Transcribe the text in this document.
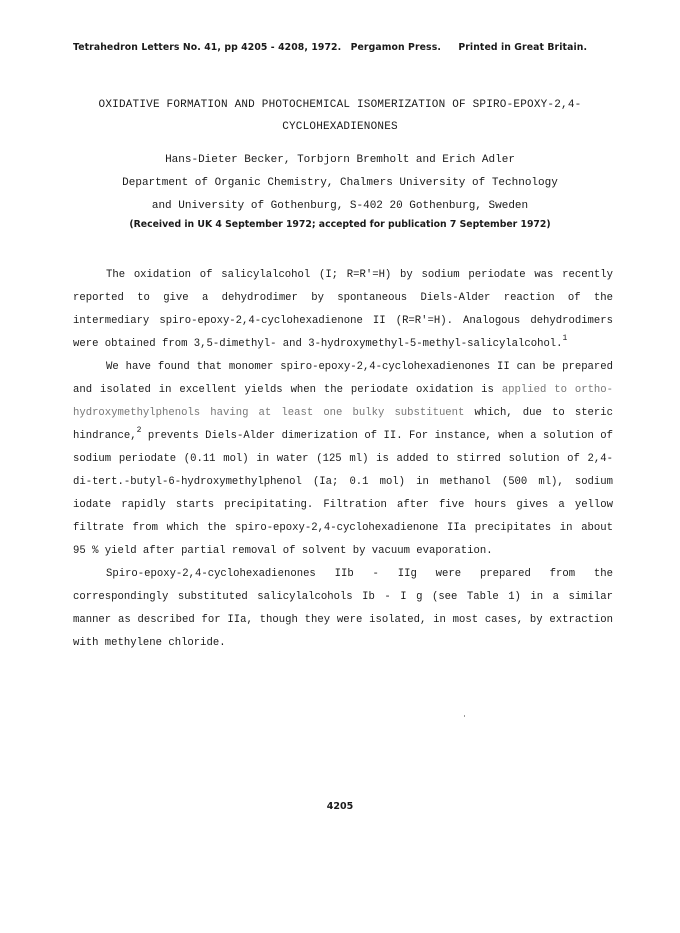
Tetrahedron Letters No. 41, pp 4205 - 4208, 1972. Pergamon Press. Printed in Great Britain.
OXIDATIVE FORMATION AND PHOTOCHEMICAL ISOMERIZATION OF SPIRO-EPOXY-2,4-
CYCLOHEXADIENONES
Hans-Dieter Becker, Torbjorn Bremholt and Erich Adler
Department of Organic Chemistry, Chalmers University of Technology
and University of Gothenburg, S-402 20 Gothenburg, Sweden
(Received in UK 4 September 1972; accepted for publication 7 September 1972)

The oxidation of salicylalcohol (I; R=R′=H) by sodium periodate was recently reported to give a dehydrodimer by spontaneous Diels-Alder reaction of the intermediary spiro-epoxy-2,4-cyclohexadienone II (R=R′=H). Analogous dehydrodimers were obtained from 3,5-dimethyl- and 3-hydroxymethyl-5-methyl-salicylalcohol.$^1$

We have found that monomer spiro-epoxy-2,4-cyclohexadienones II can be prepared and isolated in excellent yields when the periodate oxidation is applied to ortho-hydroxymethylphenols having at least one bulky substituent which, due to steric hindrance,$^2$ prevents Diels-Alder dimerization of II. For instance, when a solution of sodium periodate (0.11 mol) in water (125 ml) is added to stirred solution of 2,4-di-tert.-butyl-6-hydroxymethylphenol (Ia; 0.1 mol) in methanol (500 ml), sodium iodate rapidly starts precipitating. Filtration after five hours gives a yellow filtrate from which the spiro-epoxy-2,4-cyclohexadienone IIa precipitates in about 95 % yield after partial removal of solvent by vacuum evaporation.

Spiro-epoxy-2,4-cyclohexadienones IIb - IIg were prepared from the correspondingly substituted salicylalcohols Ib - I g (see Table 1) in a similar manner as described for IIa, though they were isolated, in most cases, by extraction with methylene chloride.

4205
